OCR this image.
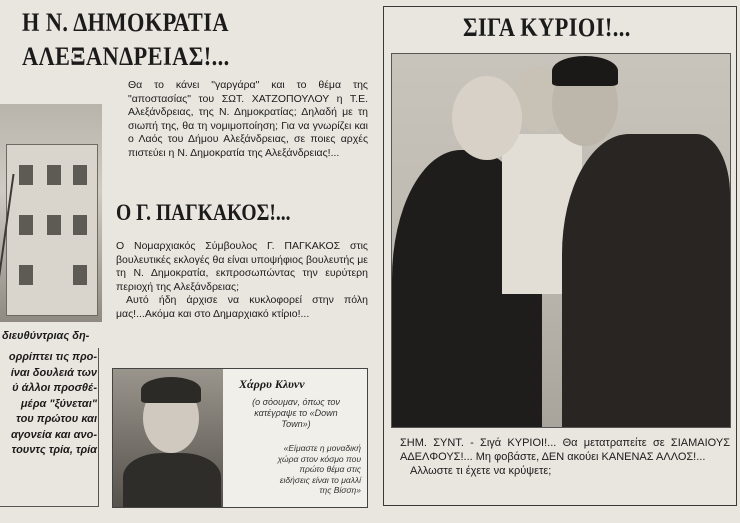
Η Ν. ΔΗΜΟΚΡΑΤΙΑ
ΑΛΕΞΑΝΔΡΕΙΑΣ!...
Θα το κάνει "γαργάρα" και το θέμα της "αποστασίας" του ΣΩΤ. ΧΑΤΖΟΠΟΥΛΟΥ η Τ.Ε. Αλεξάνδρειας, της Ν. Δημοκρατίας; Δηλαδή με τη σιωπή της, θα τη νομιμοποίηση; Για να γνωρίζει και ο Λαός του Δήμου Αλεξάνδρειας, σε ποιες αρχές πιστεύει η Ν. Δημοκρατία της Αλεξάνδρειας!...
διευθύντριας δη-
ορρίπτει τις προ- ίναι δουλειά των ύ άλλοι προσθέ- μέρα "ξύνεται" του πρώτου και αγονεία και ανο- τουντς τρία, τρία
Ο Γ. ΠΑΓΚΑΚΟΣ!...
Ο Νομαρχιακός Σύμβουλος Γ. ΠΑΓΚΑΚΟΣ στις βουλευτικές εκλογές θα είναι υποψήφιος βουλευτής με τη Ν. Δημοκρατία, εκπροσωπώντας την ευρύτερη περιοχή της Αλεξάνδρειας;
Αυτό ήδη άρχισε να κυκλοφορεί στην πόλη μας!...Ακόμα και στο Δημαρχιακό κτίριο!...
Χάρρυ Κλυνν
(ο σόουμαν, όπως τον κατέγραψε το «Down Town»)
«Είμαστε η μοναδική χώρα στον κόσμο που πρώτο θέμα στις ειδήσεις είναι το μαλλί της Βίσση»
ΣΙΓΑ ΚΥΡΙΟΙ!...
ΣΗΜ. ΣΥΝΤ. - Σιγά ΚΥΡΙΟΙ!... Θα μετατραπείτε σε ΣΙΑΜΑΙΟΥΣ ΑΔΕΛΦΟΥΣ!... Μη φοβάστε, ΔΕΝ ακούει ΚΑΝΕΝΑΣ ΑΛΛΟΣ!...
Αλλωστε τι έχετε να κρύψετε;
